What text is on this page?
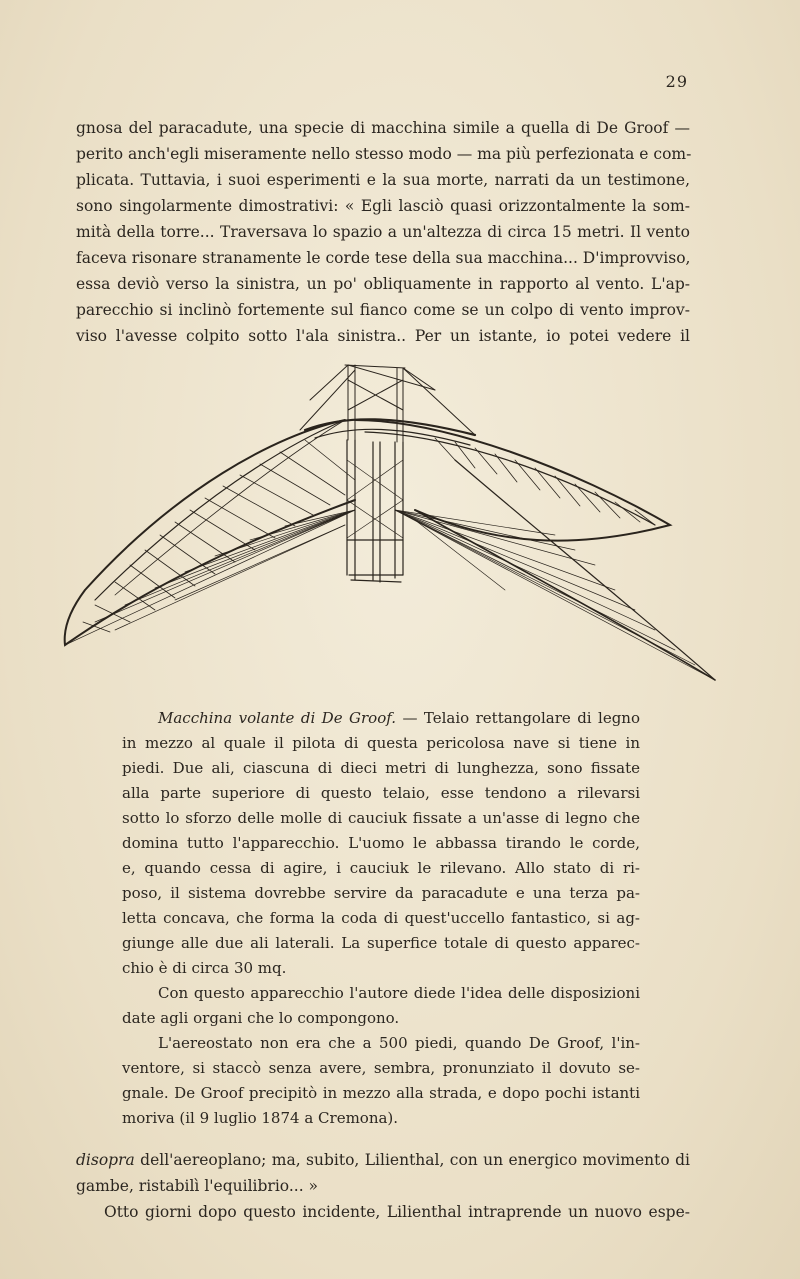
29
gnosa del paracadute, una specie di macchina simile a quella di De Groof —
perito anch'egli miseramente nello stesso modo — ma più perfezionata e com-
plicata. Tuttavia, i suoi esperimenti e la sua morte, narrati da un testimone,
sono singolarmente dimostrativi: « Egli lasciò quasi orizzontalmente la som-
mità della torre... Traversava lo spazio a un'altezza di circa 15 metri. Il vento
faceva risonare stranamente le corde tese della sua macchina... D'improvviso,
essa deviò verso la sinistra, un po' obliquamente in rapporto al vento. L'ap-
parecchio si inclinò fortemente sul fianco come se un colpo di vento improv-
viso l'avesse colpito sotto l'ala sinistra.. Per un istante, io potei vedere il
Macchina volante di De Groof. — Telaio rettangolare di legno
in mezzo al quale il pilota di questa pericolosa nave si tiene in
piedi. Due ali, ciascuna di dieci metri di lunghezza, sono fissate
alla parte superiore di questo telaio, esse tendono a rilevarsi
sotto lo sforzo delle molle di cauciuk fissate a un'asse di legno che
domina tutto l'apparecchio. L'uomo le abbassa tirando le corde,
e, quando cessa di agire, i cauciuk le rilevano. Allo stato di ri-
poso, il sistema dovrebbe servire da paracadute e una terza pa-
letta concava, che forma la coda di quest'uccello fantastico, si ag-
giunge alle due ali laterali. La superfice totale di questo apparec-
chio è di circa 30 mq.
Con questo apparecchio l'autore diede l'idea delle disposizioni
date agli organi che lo compongono.
L'aereostato non era che a 500 piedi, quando De Groof, l'in-
ventore, si staccò senza avere, sembra, pronunziato il dovuto se-
gnale. De Groof precipitò in mezzo alla strada, e dopo pochi istanti
moriva (il 9 luglio 1874 a Cremona).
disopra dell'aereoplano; ma, subito, Lilienthal, con un energico movimento di
gambe, ristabilì l'equilibrio... »
Otto giorni dopo questo incidente, Lilienthal intraprende un nuovo espe-
